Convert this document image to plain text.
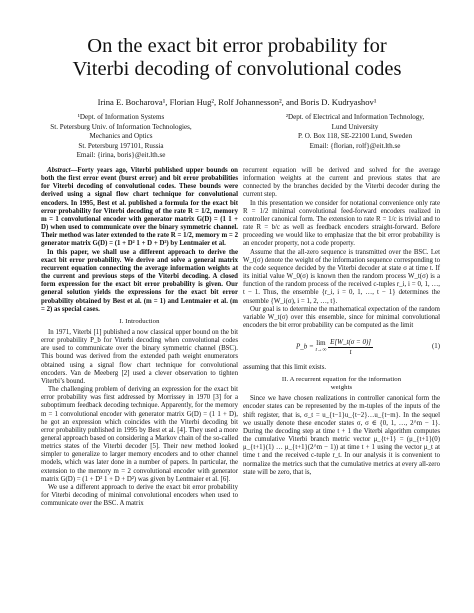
On the exact bit error probability for
Viterbi decoding of convolutional codes
Irina E. Bocharova¹, Florian Hug², Rolf Johannesson², and Boris D. Kudryashov¹
¹Dept. of Information Systems
St. Petersburg Univ. of Information Technologies,
Mechanics and Optics
St. Petersburg 197101, Russia
Email: {irina, boris}@eit.lth.se
²Dept. of Electrical and Information Technology,
Lund University
P. O. Box 118, SE-22100 Lund, Sweden
Email: {florian, rolf}@eit.lth.se

Abstract—Forty years ago, Viterbi published upper bounds on both the first error event (burst error) and bit error probabilities for Viterbi decoding of convolutional codes. These bounds were derived using a signal flow chart technique for convolutional encoders. In 1995, Best et al. published a formula for the exact bit error probability for Viterbi decoding of the rate R = 1/2, memory m = 1 convolutional encoder with generator matrix G(D) = (1 1 + D) when used to communicate over the binary symmetric channel. Their method was later extended to the rate R = 1/2, memory m = 2 generator matrix G(D) = (1 + D² 1 + D + D²) by Lentmaier et al.

In this paper, we shall use a different approach to derive the exact bit error probability. We derive and solve a general matrix recurrent equation connecting the average information weights at the current and previous steps of the Viterbi decoding. A closed form expression for the exact bit error probability is given. Our general solution yields the expressions for the exact bit error probability obtained by Best et al. (m = 1) and Lentmaier et al. (m = 2) as special cases.

I. Introduction

In 1971, Viterbi [1] published a now classical upper bound on the bit error probability P_b for Viterbi decoding when convolutional codes are used to communicate over the binary symmetric channel (BSC). This bound was derived from the extended path weight enumerators obtained using a signal flow chart technique for convolutional encoders. Van de Meeberg [2] used a clever observation to tighten Viterbi’s bound.

The challenging problem of deriving an expression for the exact bit error probability was first addressed by Morrissey in 1970 [3] for a suboptimum feedback decoding technique. Apparently, for the memory m = 1 convolutional encoder with generator matrix G(D) = (1 1 + D), he got an expression which coincides with the Viterbi decoding bit error probability published in 1995 by Best et al. [4]. They used a more general approach based on considering a Markov chain of the so-called metrics states of the Viterbi decoder [5]. Their new method looked simpler to generalize to larger memory encoders and to other channel models, which was later done in a number of papers. In particular, the extension to the memory m = 2 convolutional encoder with generator matrix G(D) = (1 + D² 1 + D + D²) was given by Lentmaier et al. [6].

We use a different approach to derive the exact bit error probability for Viterbi decoding of minimal convolutional encoders when used to communicate over the BSC. A matrix

recurrent equation will be derived and solved for the average information weights at the current and previous states that are connected by the branches decided by the Viterbi decoder during the current step.

In this presentation we consider for notational convenience only rate R = 1/2 minimal convolutional feed-forward encoders realized in controller canonical form. The extension to rate R = 1/c is trivial and to rate R = b/c as well as feedback encoders straight-forward. Before proceeding we would like to emphasize that the bit error probability is an encoder property, not a code property.

Assume that the all-zero sequence is transmitted over the BSC. Let W_t(σ) denote the weight of the information sequence corresponding to the code sequence decided by the Viterbi decoder at state σ at time t. If its initial value W_0(σ) is known then the random process W_t(σ) is a function of the random process of the received c-tuples r_i, i = 0, 1, …, t − 1. Thus, the ensemble {r_i, i = 0, 1, …, t − 1} determines the ensemble {W_i(σ), i = 1, 2, …, t}.

Our goal is to determine the mathematical expectation of the random variable W_t(σ) over this ensemble, since for minimal convolutional encoders the bit error probability can be computed as the limit

P_b = lim
t→∞
$\frac{E[W\_t(\sigma = 0)]}{t}$	(1)

assuming that this limit exists.

II. A recurrent equation for the information
weights

Since we have chosen realizations in controller canonical form the encoder states can be represented by the m-tuples of the inputs of the shift register, that is, σ_t = u_{t−1}u_{t−2}…u_{t−m}. In the sequel we usually denote these encoder states σ, σ ∈ {0, 1, …, 2^m − 1}. During the decoding step at time t + 1 the Viterbi algorithm computes the cumulative Viterbi branch metric vector μ_{t+1} = (μ_{t+1}(0) μ_{t+1}(1) … μ_{t+1}(2^m − 1)) at time t + 1 using the vector μ_t at time t and the received c-tuple r_t. In our analysis it is convenient to normalize the metrics such that the cumulative metrics at every all-zero state will be zero, that is,
